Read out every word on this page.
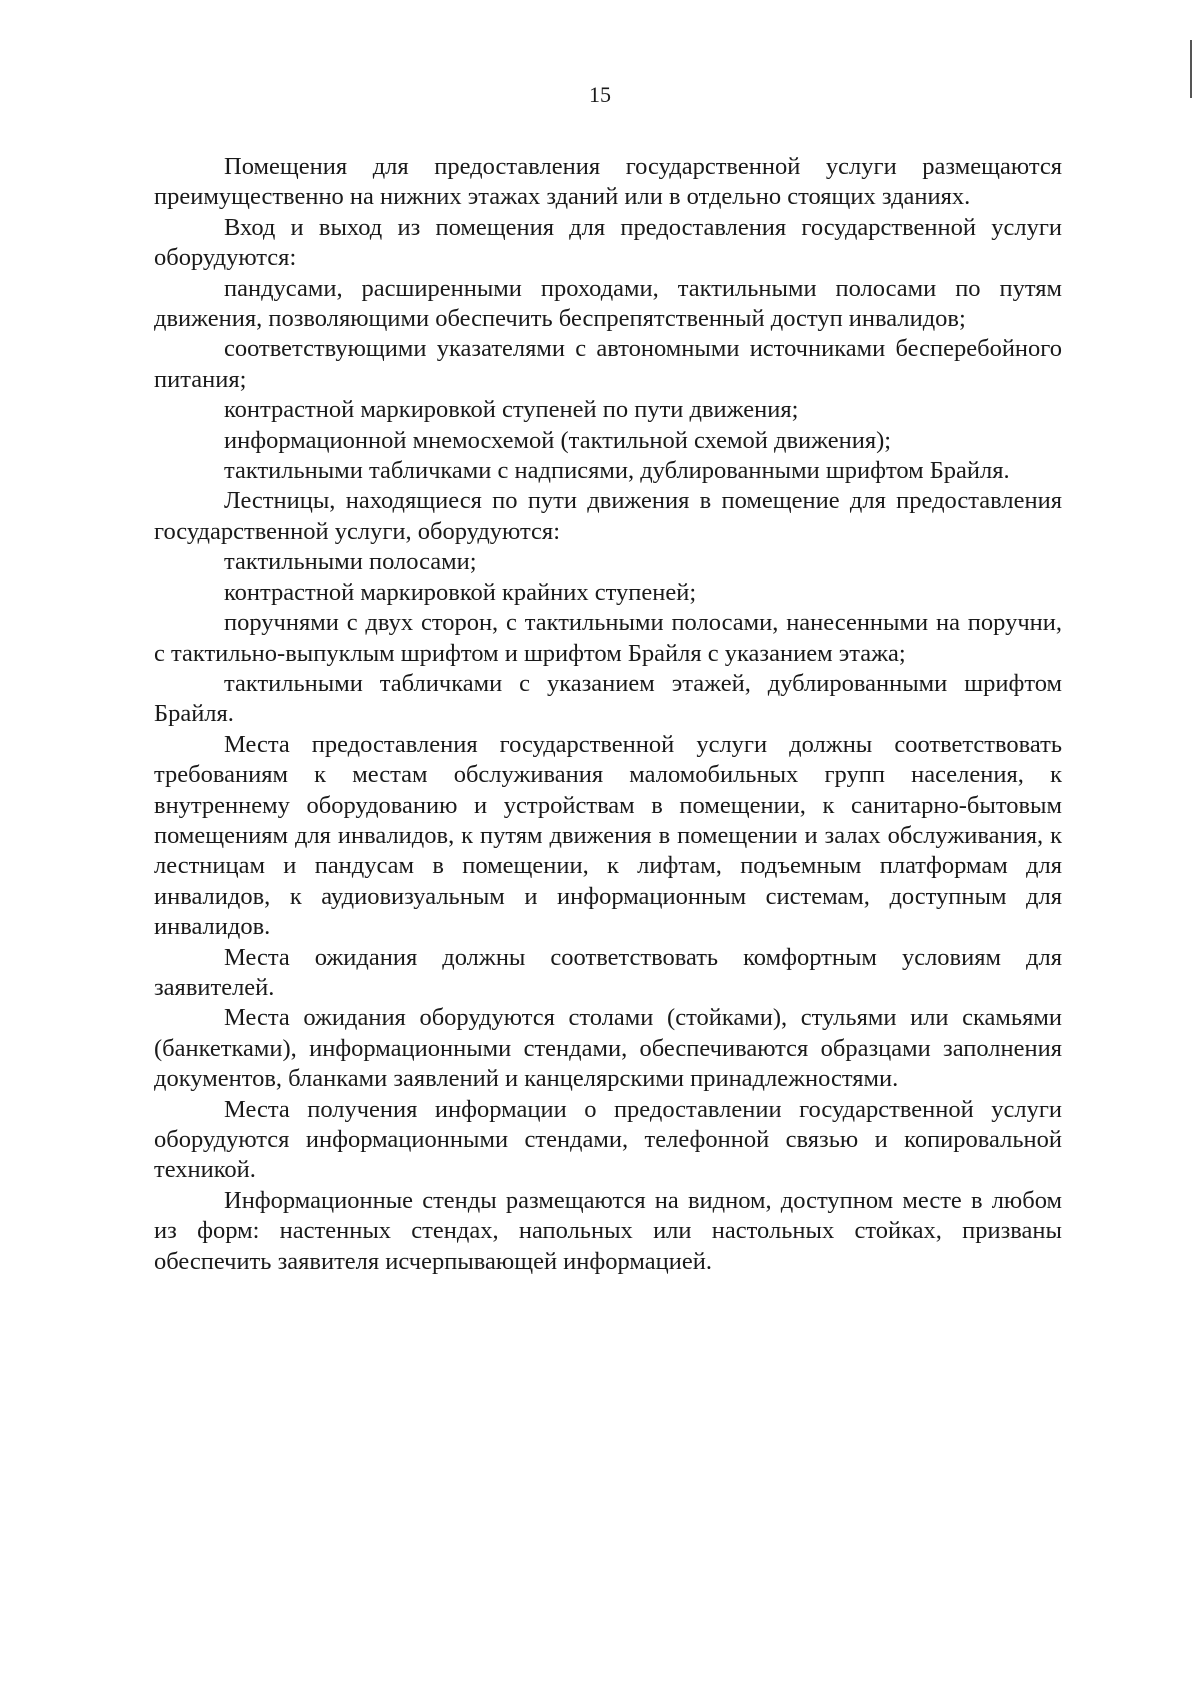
15

Помещения для предоставления государственной услуги размещаются преимущественно на нижних этажах зданий или в отдельно стоящих зданиях.

Вход и выход из помещения для предоставления государственной услуги оборудуются:

пандусами, расширенными проходами, тактильными полосами по путям движения, позволяющими обеспечить беспрепятственный доступ инвалидов;

соответствующими указателями с автономными источниками бесперебойного питания;

контрастной маркировкой ступеней по пути движения;

информационной мнемосхемой (тактильной схемой движения);

тактильными табличками с надписями, дублированными шрифтом Брайля.

Лестницы, находящиеся по пути движения в помещение для предоставления государственной услуги, оборудуются:

тактильными полосами;

контрастной маркировкой крайних ступеней;

поручнями с двух сторон, с тактильными полосами, нанесенными на поручни, с тактильно-выпуклым шрифтом и шрифтом Брайля с указанием этажа;

тактильными табличками с указанием этажей, дублированными шрифтом Брайля.

Места предоставления государственной услуги должны соответствовать требованиям к местам обслуживания маломобильных групп населения, к внутреннему оборудованию и устройствам в помещении, к санитарно-бытовым помещениям для инвалидов, к путям движения в помещении и залах обслуживания, к лестницам и пандусам в помещении, к лифтам, подъемным платформам для инвалидов, к аудиовизуальным и информационным системам, доступным для инвалидов.

Места ожидания должны соответствовать комфортным условиям для заявителей.

Места ожидания оборудуются столами (стойками), стульями или скамьями (банкетками), информационными стендами, обеспечиваются образцами заполнения документов, бланками заявлений и канцелярскими принадлежностями.

Места получения информации о предоставлении государственной услуги оборудуются информационными стендами, телефонной связью и копировальной техникой.

Информационные стенды размещаются на видном, доступном месте в любом из форм: настенных стендах, напольных или настольных стойках, призваны обеспечить заявителя исчерпывающей информацией.
